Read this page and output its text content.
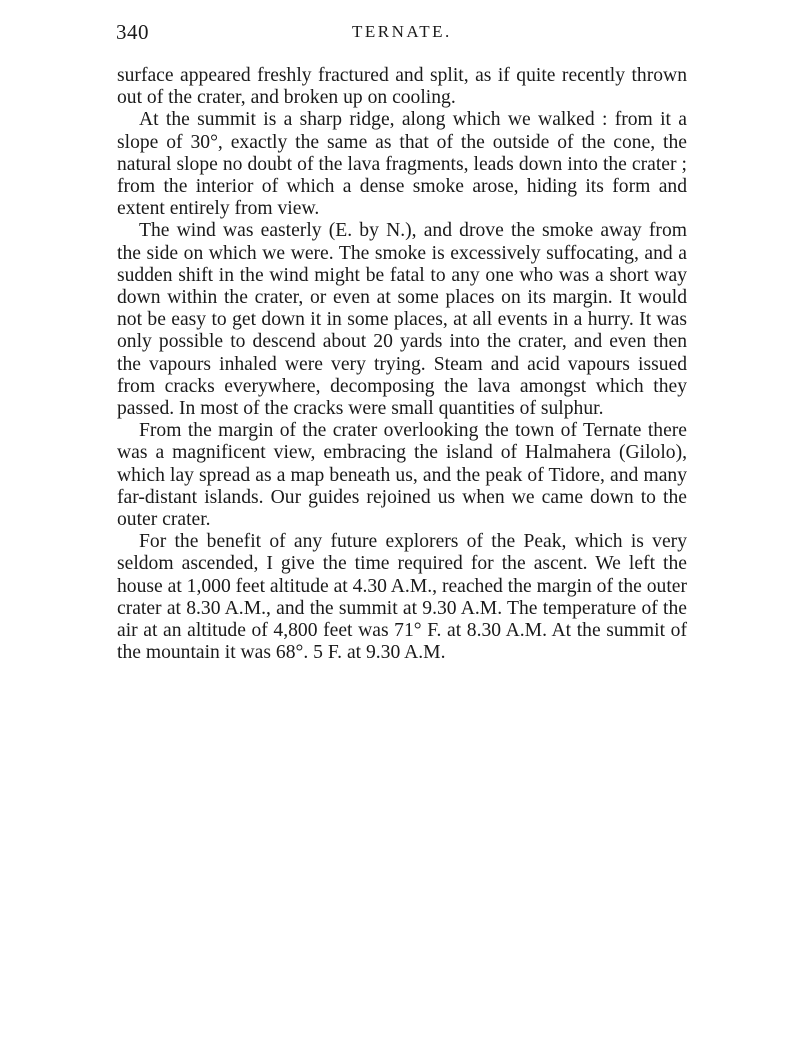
340	TERNATE.

surface appeared freshly fractured and split, as if quite recently thrown out of the crater, and broken up on cooling.

At the summit is a sharp ridge, along which we walked : from it a slope of 30°, exactly the same as that of the outside of the cone, the natural slope no doubt of the lava fragments, leads down into the crater ; from the interior of which a dense smoke arose, hiding its form and extent entirely from view.

The wind was easterly (E. by N.), and drove the smoke away from the side on which we were. The smoke is excessively suffocating, and a sudden shift in the wind might be fatal to any one who was a short way down within the crater, or even at some places on its margin. It would not be easy to get down it in some places, at all events in a hurry. It was only possible to descend about 20 yards into the crater, and even then the vapours inhaled were very trying. Steam and acid vapours issued from cracks everywhere, decomposing the lava amongst which they passed. In most of the cracks were small quantities of sulphur.

From the margin of the crater overlooking the town of Ternate there was a magnificent view, embracing the island of Halmahera (Gilolo), which lay spread as a map beneath us, and the peak of Tidore, and many far-distant islands. Our guides rejoined us when we came down to the outer crater.

For the benefit of any future explorers of the Peak, which is very seldom ascended, I give the time required for the ascent. We left the house at 1,000 feet altitude at 4.30 A.M., reached the margin of the outer crater at 8.30 A.M., and the summit at 9.30 A.M. The temperature of the air at an altitude of 4,800 feet was 71° F. at 8.30 A.M. At the summit of the mountain it was 68°. 5 F. at 9.30 A.M.
